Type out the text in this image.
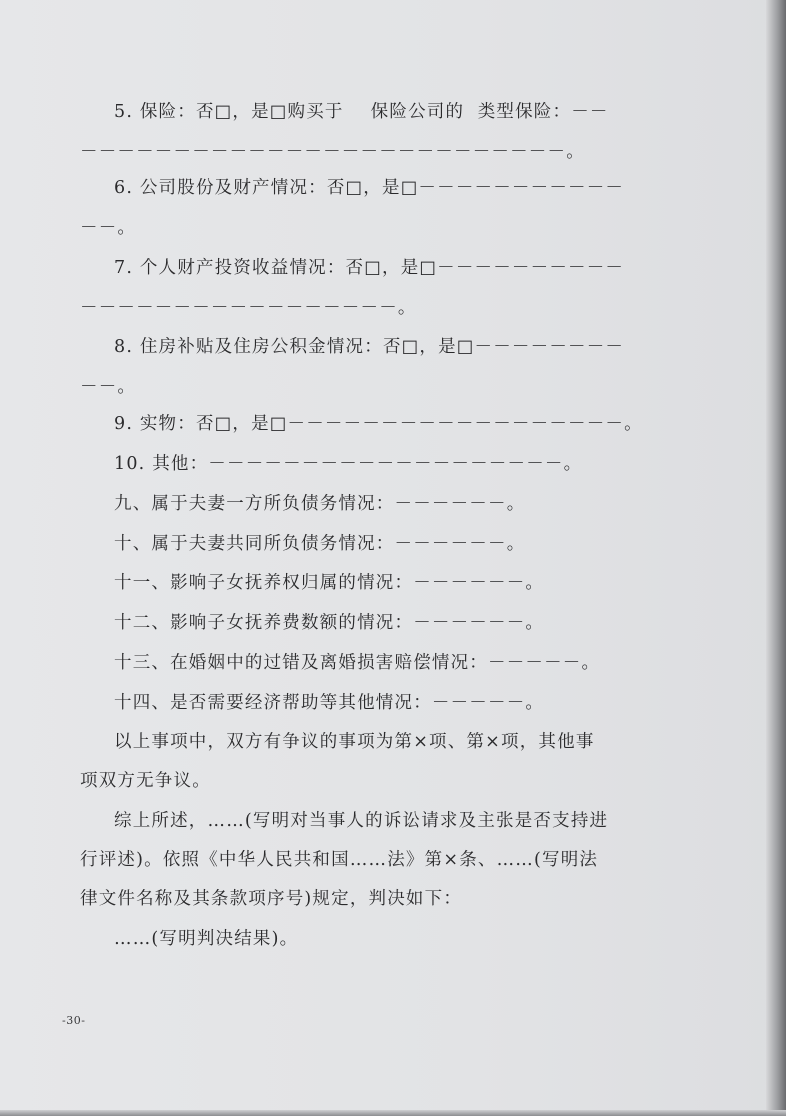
5. 保险：否□，是□购买于    保险公司的  类型保险：－－
－－－－－－－－－－－－－－－－－－－－－－－－－－。
6. 公司股份及财产情况：否□，是□－－－－－－－－－－－
－－。
7. 个人财产投资收益情况：否□，是□－－－－－－－－－－
－－－－－－－－－－－－－－－－－。
8. 住房补贴及住房公积金情况：否□，是□－－－－－－－－
－－。
9. 实物：否□，是□－－－－－－－－－－－－－－－－－－。
10. 其他：－－－－－－－－－－－－－－－－－－－。
九、属于夫妻一方所负债务情况：－－－－－－。
十、属于夫妻共同所负债务情况：－－－－－－。
十一、影响子女抚养权归属的情况：－－－－－－。
十二、影响子女抚养费数额的情况：－－－－－－。
十三、在婚姻中的过错及离婚损害赔偿情况：－－－－－。
十四、是否需要经济帮助等其他情况：－－－－－。
以上事项中，双方有争议的事项为第×项、第×项，其他事
项双方无争议。
综上所述，……(写明对当事人的诉讼请求及主张是否支持进
行评述)。依照《中华人民共和国……法》第×条、……(写明法
律文件名称及其条款项序号)规定，判决如下：
……(写明判决结果)。
-30-
